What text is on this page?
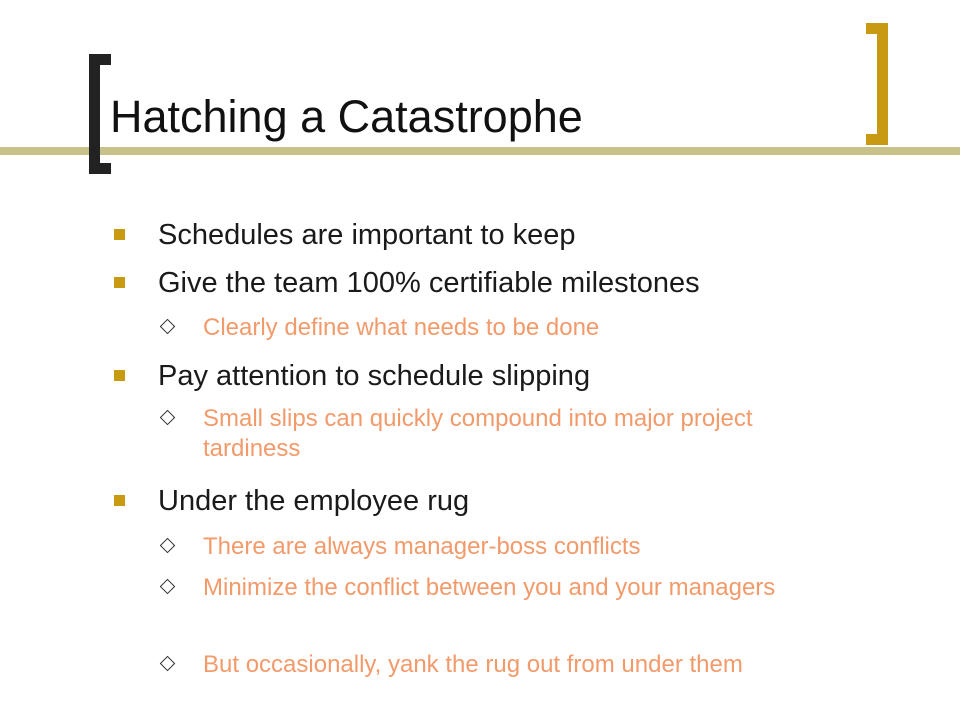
Hatching a Catastrophe
Schedules are important to keep
Give the team 100% certifiable milestones
Clearly define what needs to be done
Pay attention to schedule slipping
Small slips can quickly compound into major project tardiness
Under the employee rug
There are always manager-boss conflicts
Minimize the conflict between you and your managers
But occasionally, yank the rug out from under them
